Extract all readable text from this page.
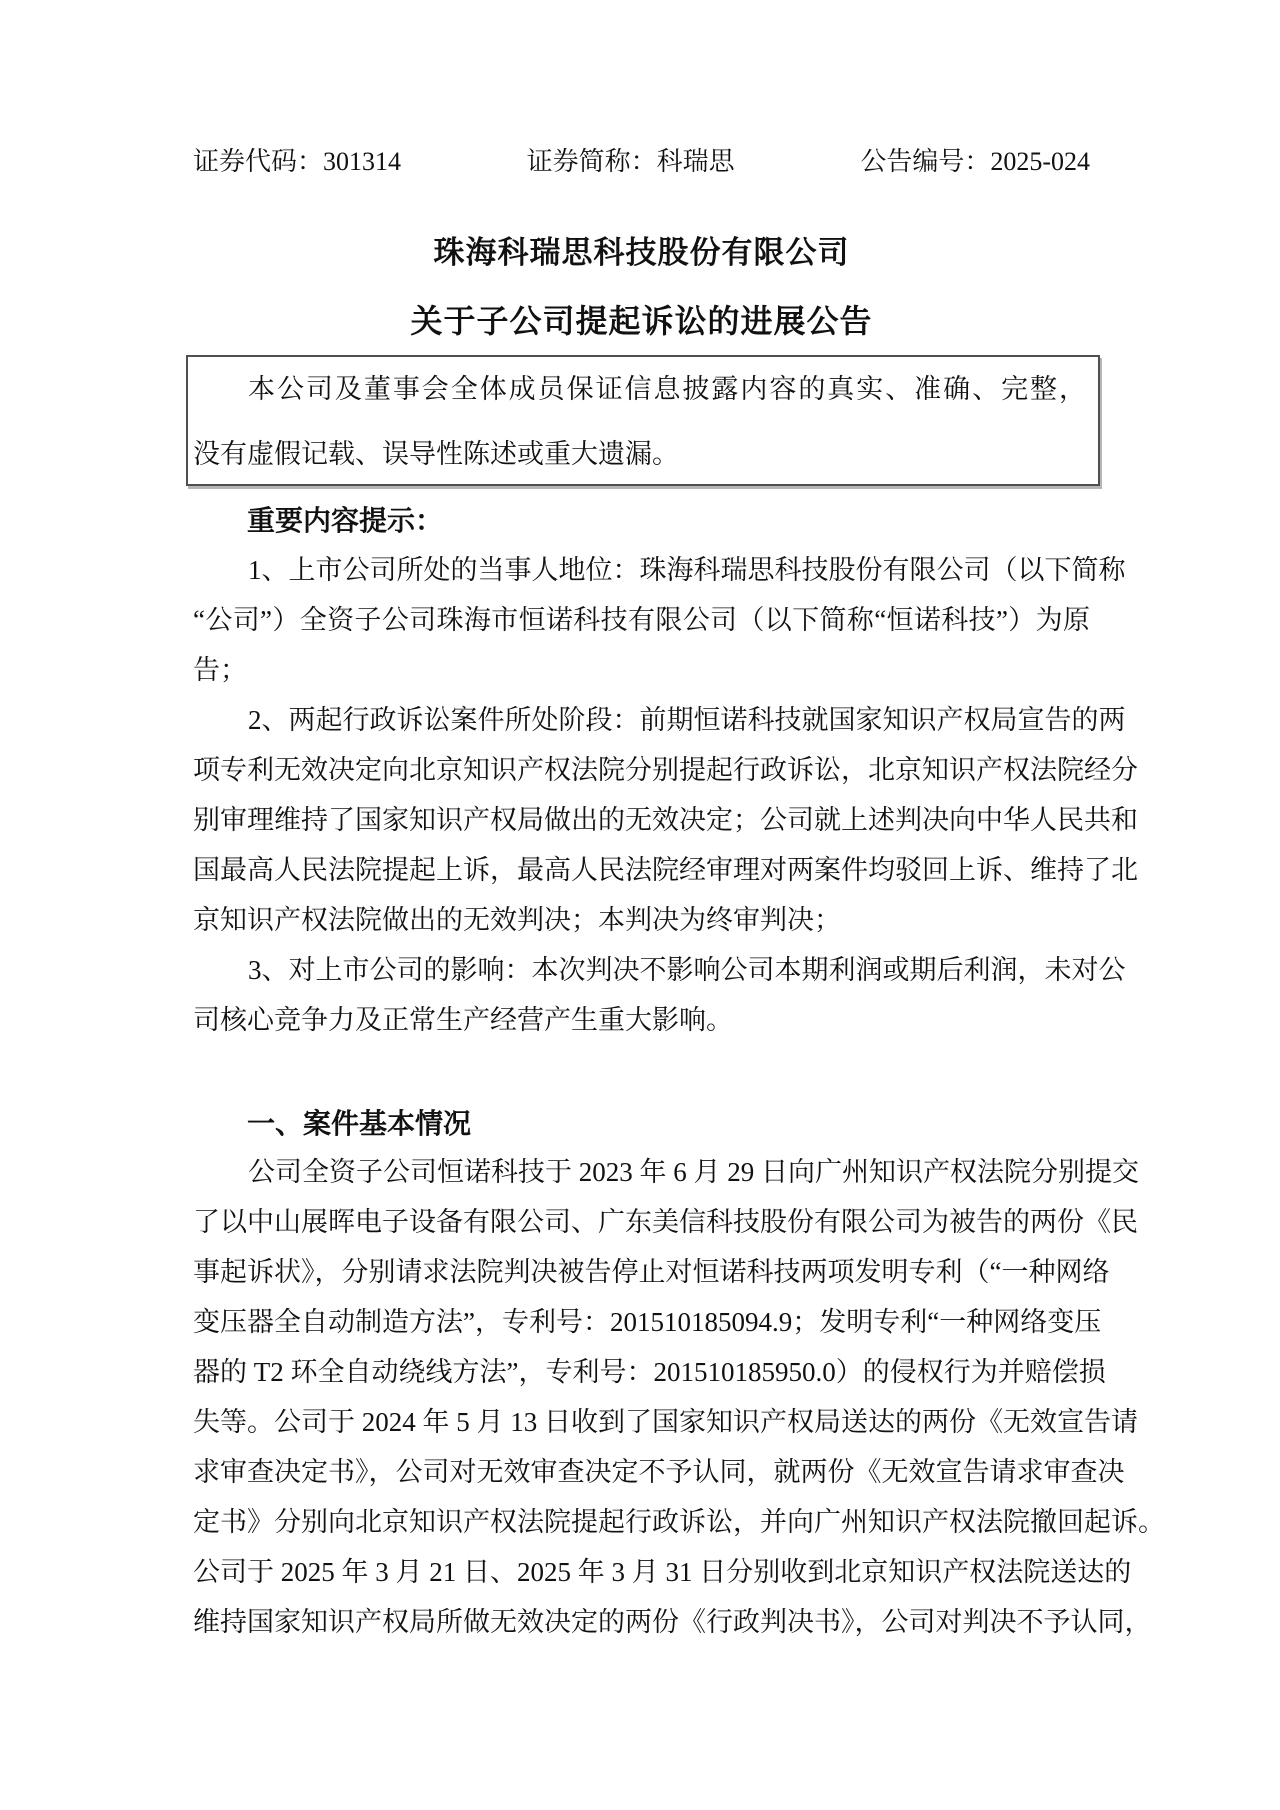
证券代码：301314	证券简称：科瑞思	公告编号：2025-024
珠海科瑞思科技股份有限公司
关于子公司提起诉讼的进展公告
本公司及董事会全体成员保证信息披露内容的真实、准确、完整，
没有虚假记载、误导性陈述或重大遗漏。
重要内容提示：
1、上市公司所处的当事人地位：珠海科瑞思科技股份有限公司（以下简称
“公司”）全资子公司珠海市恒诺科技有限公司（以下简称“恒诺科技”）为原
告；
2、两起行政诉讼案件所处阶段：前期恒诺科技就国家知识产权局宣告的两
项专利无效决定向北京知识产权法院分别提起行政诉讼，北京知识产权法院经分
别审理维持了国家知识产权局做出的无效决定；公司就上述判决向中华人民共和
国最高人民法院提起上诉，最高人民法院经审理对两案件均驳回上诉、维持了北
京知识产权法院做出的无效判决；本判决为终审判决；
3、对上市公司的影响：本次判决不影响公司本期利润或期后利润，未对公
司核心竞争力及正常生产经营产生重大影响。
一、案件基本情况
公司全资子公司恒诺科技于 2023 年 6 月 29 日向广州知识产权法院分别提交
了以中山展晖电子设备有限公司、广东美信科技股份有限公司为被告的两份《民
事起诉状》，分别请求法院判决被告停止对恒诺科技两项发明专利（“一种网络
变压器全自动制造方法”，专利号：201510185094.9；发明专利“一种网络变压
器的 T2 环全自动绕线方法”，专利号：201510185950.0）的侵权行为并赔偿损
失等。公司于 2024 年 5 月 13 日收到了国家知识产权局送达的两份《无效宣告请
求审查决定书》，公司对无效审查决定不予认同，就两份《无效宣告请求审查决
定书》分别向北京知识产权法院提起行政诉讼，并向广州知识产权法院撤回起诉。
公司于 2025 年 3 月 21 日、2025 年 3 月 31 日分别收到北京知识产权法院送达的
维持国家知识产权局所做无效决定的两份《行政判决书》，公司对判决不予认同，
